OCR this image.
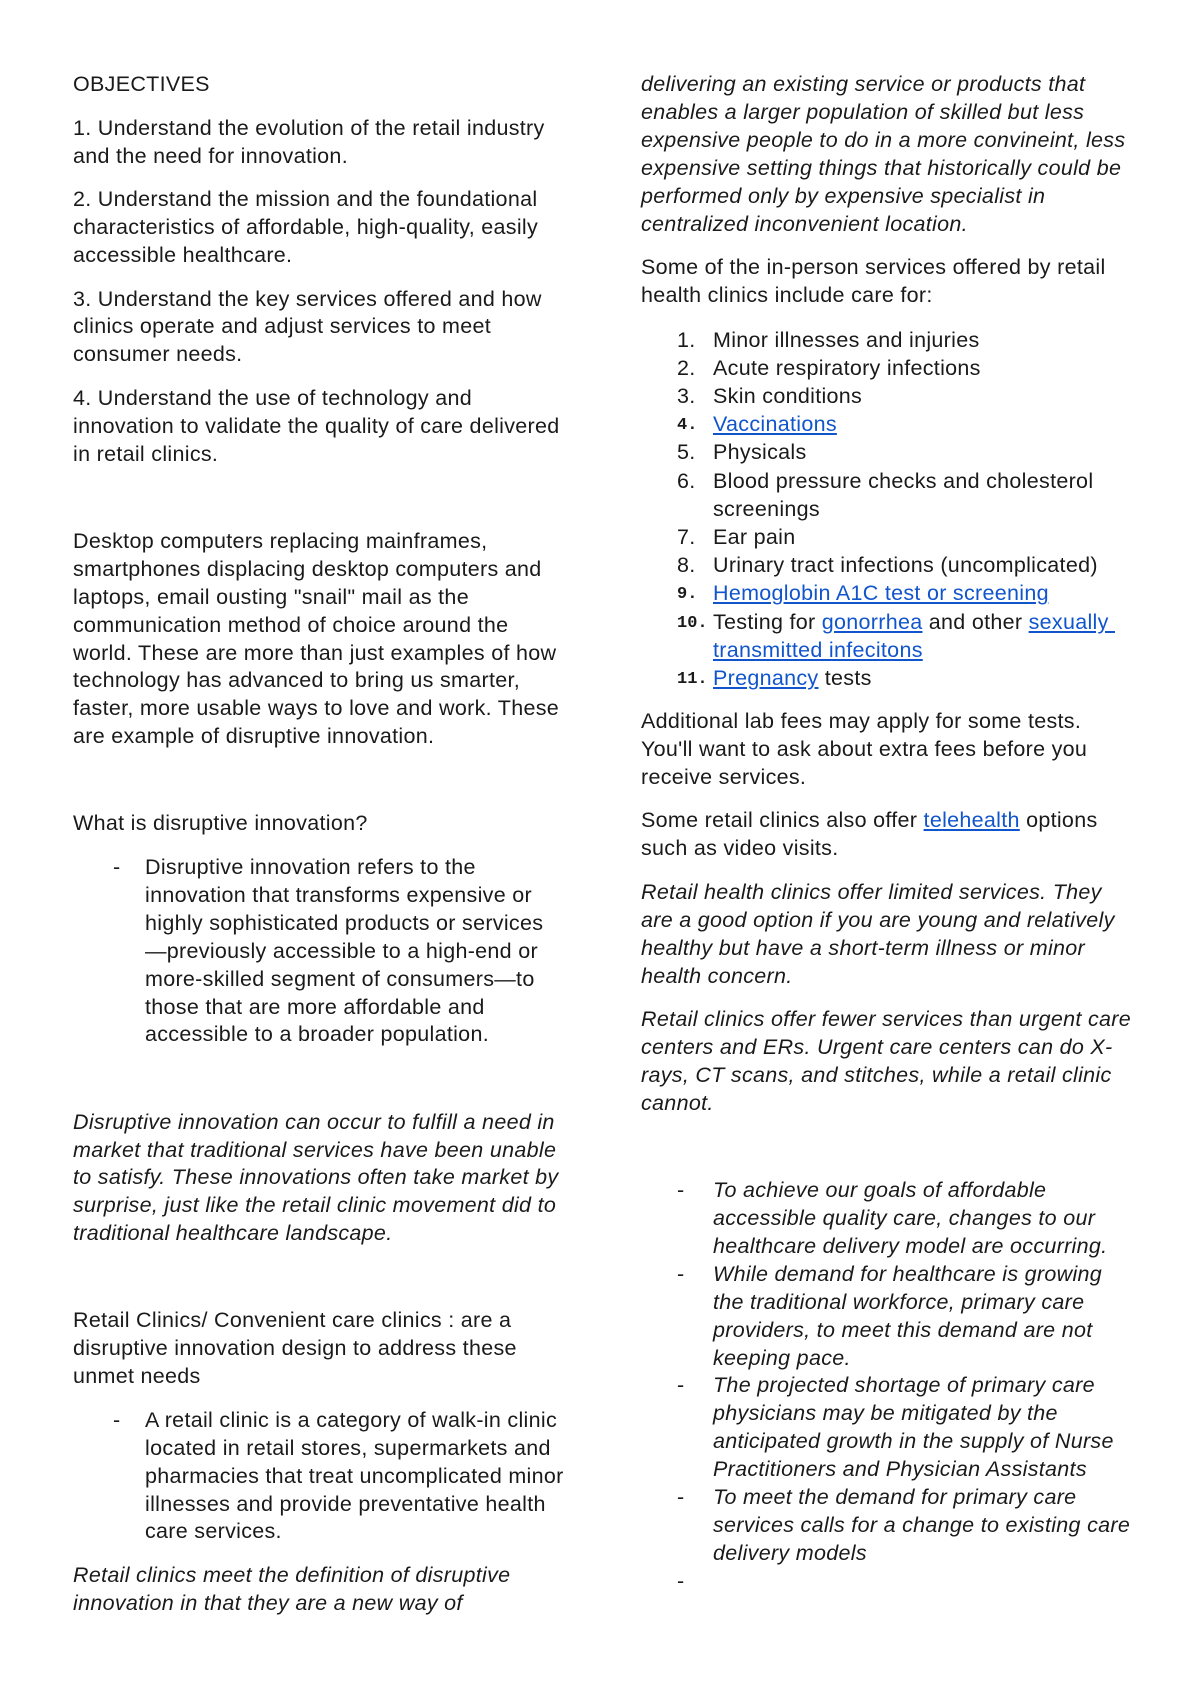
OBJECTIVES

1. Understand the evolution of the retail industry
and the need for innovation.

2. Understand the mission and the foundational
characteristics of affordable, high-quality, easily
accessible healthcare.

3. Understand the key services offered and how
clinics operate and adjust services to meet
consumer needs.

4. Understand the use of technology and
innovation to validate the quality of care delivered
in retail clinics.

Desktop computers replacing mainframes,
smartphones displacing desktop computers and
laptops, email ousting "snail" mail as the
communication method of choice around the
world. These are more than just examples of how
technology has advanced to bring us smarter,
faster, more usable ways to love and work. These
are example of disruptive innovation.

What is disruptive innovation?

- Disruptive innovation refers to the
innovation that transforms expensive or
highly sophisticated products or services
—previously accessible to a high-end or
more-skilled segment of consumers—to
those that are more affordable and
accessible to a broader population.

Disruptive innovation can occur to fulfill a need in
market that traditional services have been unable
to satisfy. These innovations often take market by
surprise, just like the retail clinic movement did to
traditional healthcare landscape.

Retail Clinics/ Convenient care clinics : are a
disruptive innovation design to address these
unmet needs

- A retail clinic is a category of walk-in clinic
located in retail stores, supermarkets and
pharmacies that treat uncomplicated minor
illnesses and provide preventative health
care services.

Retail clinics meet the definition of disruptive
innovation in that they are a new way of

delivering an existing service or products that
enables a larger population of skilled but less
expensive people to do in a more convineint, less
expensive setting things that historically could be
performed only by expensive specialist in
centralized inconvenient location.

Some of the in-person services offered by retail
health clinics include care for:

1. Minor illnesses and injuries
2. Acute respiratory infections
3. Skin conditions
4. Vaccinations
5. Physicals
6. Blood pressure checks and cholesterol
screenings
7. Ear pain
8. Urinary tract infections (uncomplicated)
9. Hemoglobin A1C test or screening
10. Testing for gonorrhea and other sexually
transmitted infecitons
11. Pregnancy tests

Additional lab fees may apply for some tests.
You'll want to ask about extra fees before you
receive services.

Some retail clinics also offer telehealth options
such as video visits.

Retail health clinics offer limited services. They
are a good option if you are young and relatively
healthy but have a short-term illness or minor
health concern.

Retail clinics offer fewer services than urgent care
centers and ERs. Urgent care centers can do X-
rays, CT scans, and stitches, while a retail clinic
cannot.

- To achieve our goals of affordable
accessible quality care, changes to our
healthcare delivery model are occurring.
- While demand for healthcare is growing
the traditional workforce, primary care
providers, to meet this demand are not
keeping pace.
- The projected shortage of primary care
physicians may be mitigated by the
anticipated growth in the supply of Nurse
Practitioners and Physician Assistants
- To meet the demand for primary care
services calls for a change to existing care
delivery models
-
